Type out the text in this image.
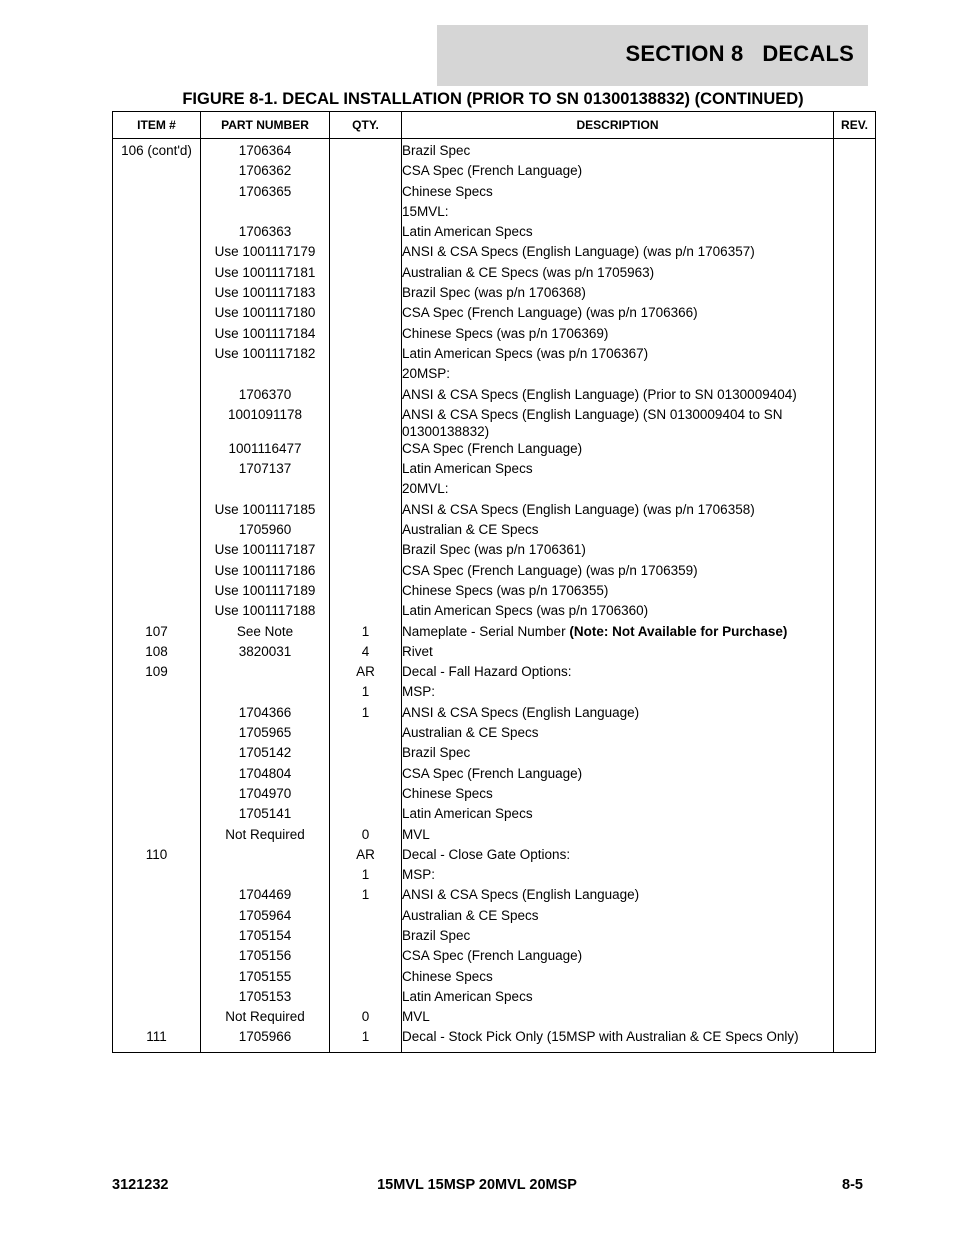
SECTION 8   DECALS
FIGURE 8-1. DECAL INSTALLATION (PRIOR TO SN 01300138832) (CONTINUED)
ITEM #	PART NUMBER	QTY.	DESCRIPTION	REV.
106 (cont'd)	1706364		Brazil Spec	
	1706362		CSA Spec (French Language)	
	1706365		Chinese Specs	
			15MVL:	
	1706363		Latin American Specs	
	Use 1001117179		ANSI & CSA Specs (English Language) (was p/n 1706357)	
	Use 1001117181		Australian & CE Specs (was p/n 1705963)	
	Use 1001117183		Brazil Spec (was p/n 1706368)	
	Use 1001117180		CSA Spec (French Language) (was p/n 1706366)	
	Use 1001117184		Chinese Specs (was p/n 1706369)	
	Use 1001117182		Latin American Specs (was p/n 1706367)	
			20MSP:	
	1706370		ANSI & CSA Specs (English Language) (Prior to SN 0130009404)	
	1001091178		ANSI & CSA Specs (English Language) (SN 0130009404 to SN 01300138832)	
	1001116477		CSA Spec (French Language)	
	1707137		Latin American Specs	
			20MVL:	
	Use 1001117185		ANSI & CSA Specs (English Language) (was p/n 1706358)	
	1705960		Australian & CE Specs	
	Use 1001117187		Brazil Spec (was p/n 1706361)	
	Use 1001117186		CSA Spec (French Language) (was p/n 1706359)	
	Use 1001117189		Chinese Specs (was p/n 1706355)	
	Use 1001117188		Latin American Specs (was p/n 1706360)	
107	See Note	1	Nameplate - Serial Number (Note: Not Available for Purchase)	
108	3820031	4	Rivet	
109		AR	Decal - Fall Hazard Options:	
		1	MSP:	
	1704366	1	ANSI & CSA Specs (English Language)	
	1705965		Australian & CE Specs	
	1705142		Brazil Spec	
	1704804		CSA Spec (French Language)	
	1704970		Chinese Specs	
	1705141		Latin American Specs	
	Not Required	0	MVL	
110		AR	Decal - Close Gate Options:	
		1	MSP:	
	1704469	1	ANSI & CSA Specs (English Language)	
	1705964		Australian & CE Specs	
	1705154		Brazil Spec	
	1705156		CSA Spec (French Language)	
	1705155		Chinese Specs	
	1705153		Latin American Specs	
	Not Required	0	MVL	
111	1705966	1	Decal - Stock Pick Only (15MSP with Australian & CE Specs Only)	
3121232	15MVL 15MSP 20MVL 20MSP	8-5
